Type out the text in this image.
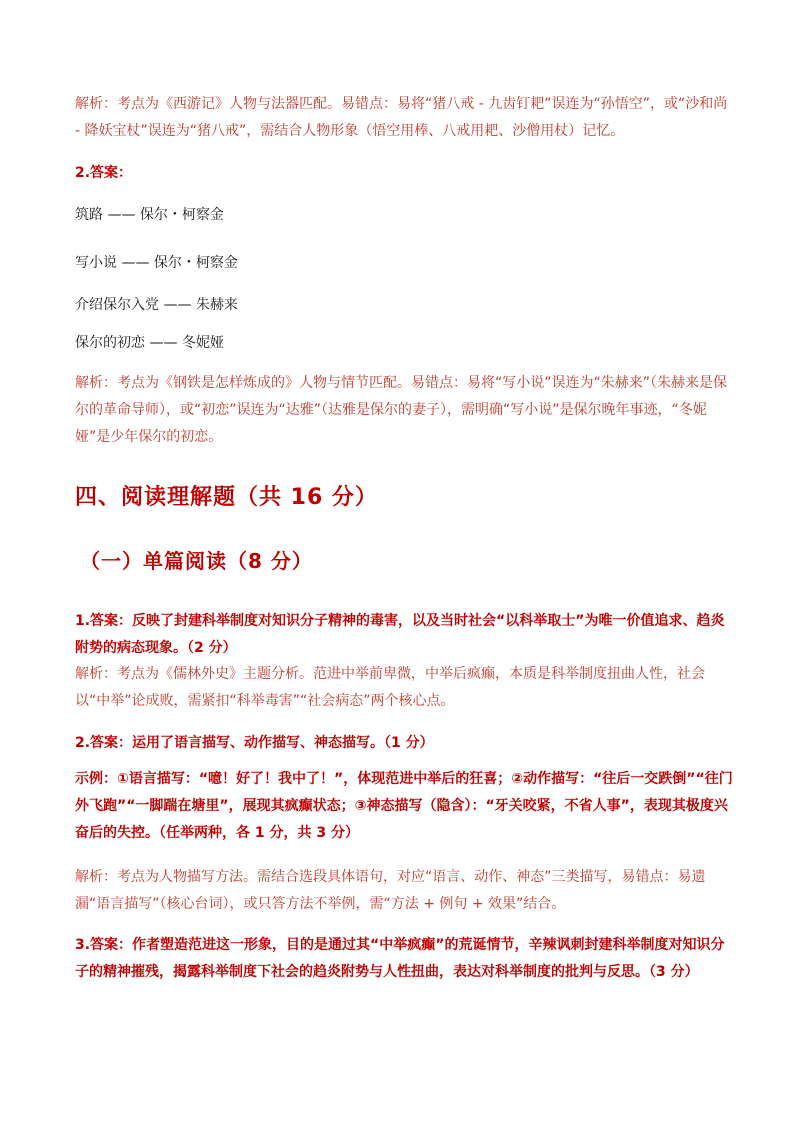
解析：考点为《西游记》人物与法器匹配。易错点：易将“猪八戒 - 九齿钉耙”误连为“孙悟空”，或“沙和尚 - 降妖宝杖”误连为“猪八戒”，需结合人物形象（悟空用棒、八戒用耙、沙僧用杖）记忆。

2.答案：

筑路 —— 保尔・柯察金
写小说 —— 保尔・柯察金
介绍保尔入党 —— 朱赫来
保尔的初恋 —— 冬妮娅

解析：考点为《钢铁是怎样炼成的》人物与情节匹配。易错点：易将“写小说”误连为“朱赫来”（朱赫来是保尔的革命导师），或“初恋”误连为“达雅”（达雅是保尔的妻子），需明确“写小说”是保尔晚年事迹，“冬妮娅”是少年保尔的初恋。

四、阅读理解题（共 16 分）
（一）单篇阅读（8 分）

1.答案：反映了封建科举制度对知识分子精神的毒害，以及当时社会“以科举取士”为唯一价值追求、趋炎附势的病态现象。（2 分）

解析：考点为《儒林外史》主题分析。范进中举前卑微，中举后疯癫，本质是科举制度扭曲人性，社会以“中举”论成败，需紧扣“科举毒害”“社会病态”两个核心点。

2.答案：运用了语言描写、动作描写、神态描写。（1 分）

示例：①语言描写：“噫！好了！我中了！”，体现范进中举后的狂喜；②动作描写：“往后一交跌倒”“往门外飞跑”“一脚踹在塘里”，展现其疯癫状态；③神态描写（隐含）：“牙关咬紧，不省人事”，表现其极度兴奋后的失控。（任举两种，各 1 分，共 3 分）

解析：考点为人物描写方法。需结合选段具体语句，对应“语言、动作、神态”三类描写，易错点：易遗漏“语言描写”（核心台词），或只答方法不举例，需“方法 + 例句 + 效果”结合。

3.答案：作者塑造范进这一形象，目的是通过其“中举疯癫”的荒诞情节，辛辣讽刺封建科举制度对知识分子的精神摧残，揭露科举制度下社会的趋炎附势与人性扭曲，表达对科举制度的批判与反思。（3 分）
